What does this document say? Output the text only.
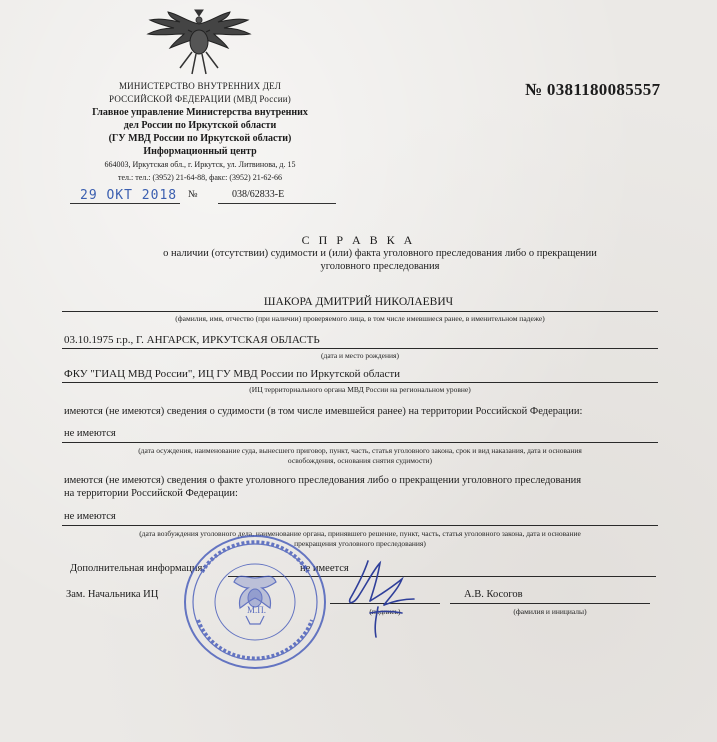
МИНИСТЕРСТВО ВНУТРЕННИХ ДЕЛ
РОССИЙСКОЙ ФЕДЕРАЦИИ (МВД России)
Главное управление Министерства внутренних
дел России по Иркутской области
(ГУ МВД России по Иркутской области)
Информационный центр
664003, Иркутская обл., г. Иркутск, ул. Литвинова, д. 15
тел.: тел.: (3952) 21-64-88, факс: (3952) 21-62-66
№ 0381180085557
29 ОКТ 2018 №	038/62833-Е
С П Р А В К А
о наличии (отсутствии) судимости и (или) факта уголовного преследования либо о прекращении
уголовного преследования
ШАКОРА ДМИТРИЙ НИКОЛАЕВИЧ
(фамилия, имя, отчество (при наличии) проверяемого лица, в том числе имевшиеся ранее, в именительном падеже)
03.10.1975 г.р., Г. АНГАРСК, ИРКУТСКАЯ ОБЛАСТЬ
(дата и место рождения)
ФКУ "ГИАЦ МВД России", ИЦ ГУ МВД России по Иркутской области
(ИЦ территориального органа МВД России на региональном уровне)
имеются (не имеются) сведения о судимости (в том числе имевшейся ранее) на территории Российской Федерации:
не имеются
(дата осуждения, наименование суда, вынесшего приговор, пункт, часть, статья уголовного закона, срок и вид наказания, дата и основания
освобождения, основания снятия судимости)
имеются (не имеются) сведения о факте уголовного преследования либо о прекращении уголовного преследования
на территории Российской Федерации:
не имеются
(дата возбуждения уголовного дела, наименование органа, принявшего решение, пункт, часть, статья уголовного закона, дата и основание
прекращения уголовного преследования)
Дополнительная информация:	не имеется
Зам. Начальника ИЦ
(подпись)
А.В. Косогов
(фамилия и инициалы)
М.П.
